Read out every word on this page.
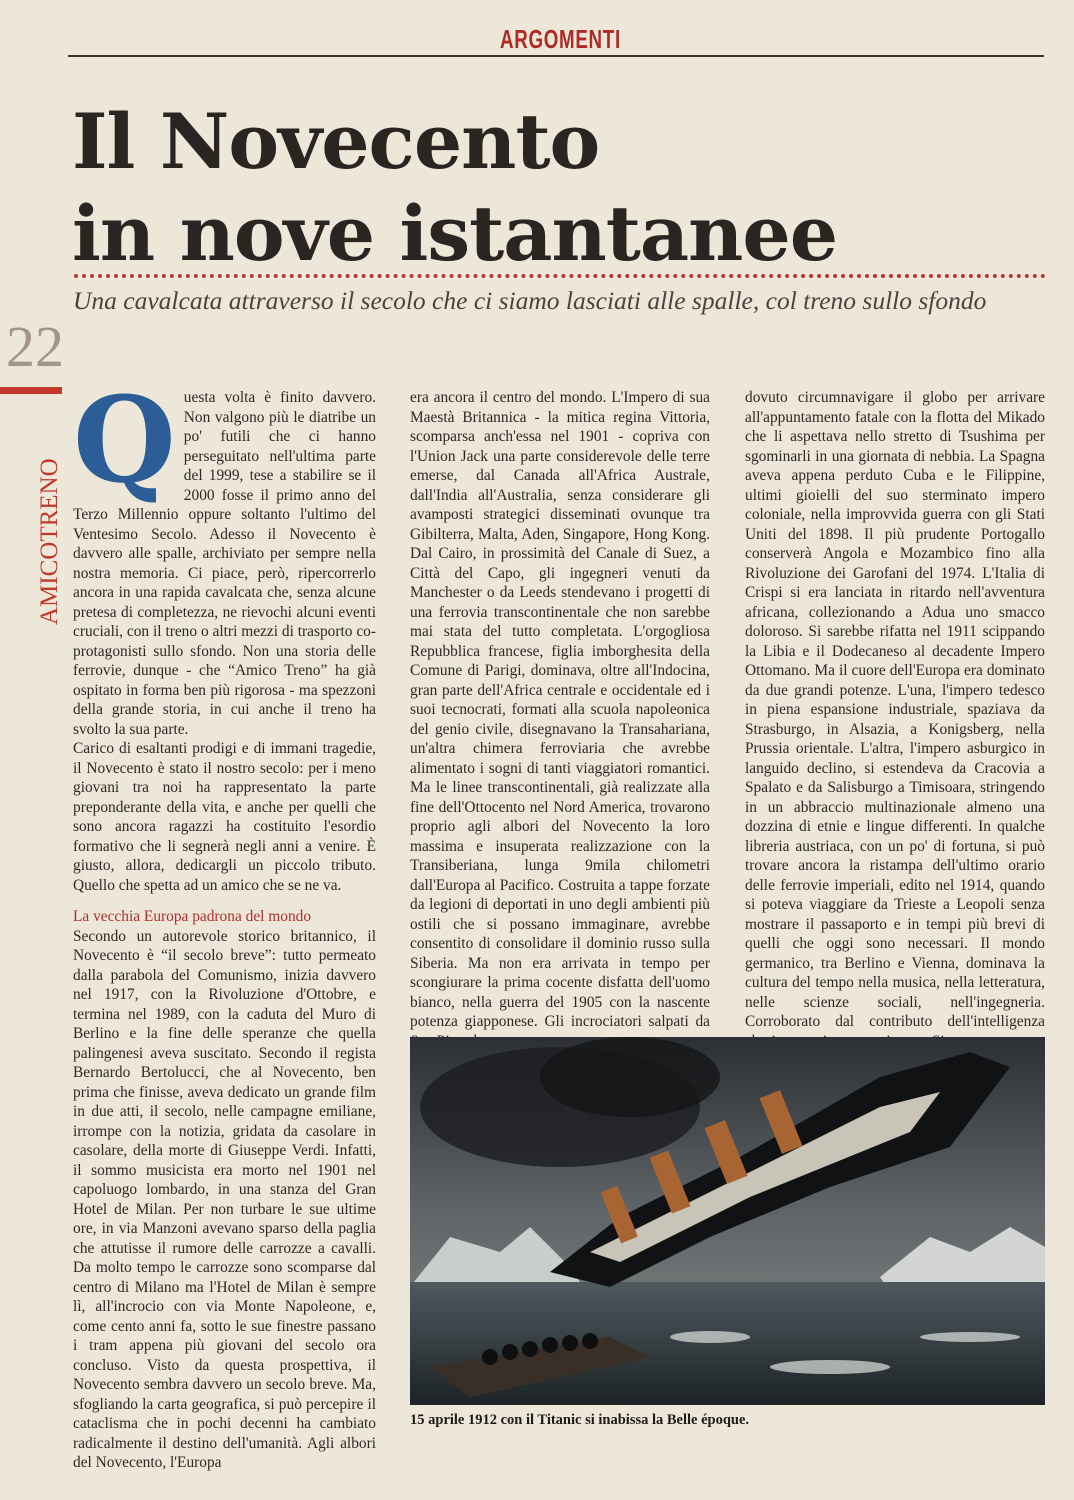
ARGOMENTI
Il Novecento
in nove istantanee
Una cavalcata attraverso il secolo che ci siamo lasciati alle spalle, col treno sullo sfondo
22
AMICOTRENO
Q uesta volta è finito davvero. Non valgono più le diatribe un po' futili che ci hanno perseguitato nell'ultima parte del 1999, tese a stabilire se il 2000 fosse il primo anno del Terzo Millennio oppure soltanto l'ultimo del Ventesimo Secolo. Adesso il Novecento è davvero alle spalle, archiviato per sempre nella nostra memoria. Ci piace, però, ripercorrerlo ancora in una rapida cavalcata che, senza alcune pretesa di completezza, ne rievochi alcuni eventi cruciali, con il treno o altri mezzi di trasporto co-protagonisti sullo sfondo. Non una storia delle ferrovie, dunque - che “Amico Treno” ha già ospitato in forma ben più rigorosa - ma spezzoni della grande storia, in cui anche il treno ha svolto la sua parte.

Carico di esaltanti prodigi e di immani tragedie, il Novecento è stato il nostro secolo: per i meno giovani tra noi ha rappresentato la parte preponderante della vita, e anche per quelli che sono ancora ragazzi ha costituito l'esordio formativo che li segnerà negli anni a venire. È giusto, allora, dedicargli un piccolo tributo. Quello che spetta ad un amico che se ne va.

La vecchia Europa padrona del mondo

Secondo un autorevole storico britannico, il Novecento è “il secolo breve”: tutto permeato dalla parabola del Comunismo, inizia davvero nel 1917, con la Rivoluzione d'Ottobre, e termina nel 1989, con la caduta del Muro di Berlino e la fine delle speranze che quella palingenesi aveva suscitato. Secondo il regista Bernardo Bertolucci, che al Novecento, ben prima che finisse, aveva dedicato un grande film in due atti, il secolo, nelle campagne emiliane, irrompe con la notizia, gridata da casolare in casolare, della morte di Giuseppe Verdi. Infatti, il sommo musicista era morto nel 1901 nel capoluogo lombardo, in una stanza del Gran Hotel de Milan. Per non turbare le sue ultime ore, in via Manzoni avevano sparso della paglia che attutisse il rumore delle carrozze a cavalli. Da molto tempo le carrozze sono scomparse dal centro di Milano ma l'Hotel de Milan è sempre lì, all'incrocio con via Monte Napoleone, e, come cento anni fa, sotto le sue finestre passano i tram appena più giovani del secolo ora concluso. Visto da questa prospettiva, il Novecento sembra davvero un secolo breve. Ma, sfogliando la carta geografica, si può percepire il cataclisma che in pochi decenni ha cambiato radicalmente il destino dell'umanità. Agli albori del Novecento, l'Europa

era ancora il centro del mondo. L'Impero di sua Maestà Britannica - la mitica regina Vittoria, scomparsa anch'essa nel 1901 - copriva con l'Union Jack una parte considerevole delle terre emerse, dal Canada all'Africa Australe, dall'India all'Australia, senza considerare gli avamposti strategici disseminati ovunque tra Gibilterra, Malta, Aden, Singapore, Hong Kong. Dal Cairo, in prossimità del Canale di Suez, a Città del Capo, gli ingegneri venuti da Manchester o da Leeds stendevano i progetti di una ferrovia transcontinentale che non sarebbe mai stata del tutto completata. L'orgogliosa Repubblica francese, figlia imborghesita della Comune di Parigi, dominava, oltre all'Indocina, gran parte dell'Africa centrale e occidentale ed i suoi tecnocrati, formati alla scuola napoleonica del genio civile, disegnavano la Transahariana, un'altra chimera ferroviaria che avrebbe alimentato i sogni di tanti viaggiatori romantici. Ma le linee transcontinentali, già realizzate alla fine dell'Ottocento nel Nord America, trovarono proprio agli albori del Novecento la loro massima e insuperata realizzazione con la Transiberiana, lunga 9mila chilometri dall'Europa al Pacifico. Costruita a tappe forzate da legioni di deportati in uno degli ambienti più ostili che si possano immaginare, avrebbe consentito di consolidare il dominio russo sulla Siberia. Ma non era arrivata in tempo per scongiurare la prima cocente disfatta dell'uomo bianco, nella guerra del 1905 con la nascente potenza giapponese. Gli incrociatori salpati da

dovuto circumnavigare il globo per arrivare all'appuntamento fatale con la flotta del Mikado che li aspettava nello stretto di Tsushima per sgominarli in una giornata di nebbia. La Spagna aveva appena perduto Cuba e le Filippine, ultimi gioielli del suo sterminato impero coloniale, nella improvvida guerra con gli Stati Uniti del 1898. Il più prudente Portogallo conserverà Angola e Mozambico fino alla Rivoluzione dei Garofani del 1974. L'Italia di Crispi si era lanciata in ritardo nell'avventura africana, collezionando a Adua uno smacco doloroso. Si sarebbe rifatta nel 1911 scippando la Libia e il Dodecaneso al decadente Impero Ottomano. Ma il cuore dell'Europa era dominato da due grandi potenze. L'una, l'impero tedesco in piena espansione industriale, spaziava da Strasburgo, in Alsazia, a Konigsberg, nella Prussia orientale. L'altra, l'impero asburgico in languido declino, si estendeva da Cracovia a Spalato e da Salisburgo a Timisoara, stringendo in un abbraccio multinazionale almeno una dozzina di etnie e lingue differenti. In qualche libreria austriaca, con un po' di fortuna, si può trovare ancora la ristampa dell'ultimo orario delle ferrovie imperiali, edito nel 1914, quando si poteva viaggiare da Trieste a Leopoli senza mostrare il passaporto e in tempi più brevi di quelli che oggi sono necessari. Il mondo germanico, tra Berlino e Vienna, dominava la cultura del tempo nella musica, nella letteratura, nelle scienze sociali, nell'ingegneria. Corroborato dal contributo dell'intelligenza

15 aprile 1912 con il Titanic si inabissa la Belle époque.
